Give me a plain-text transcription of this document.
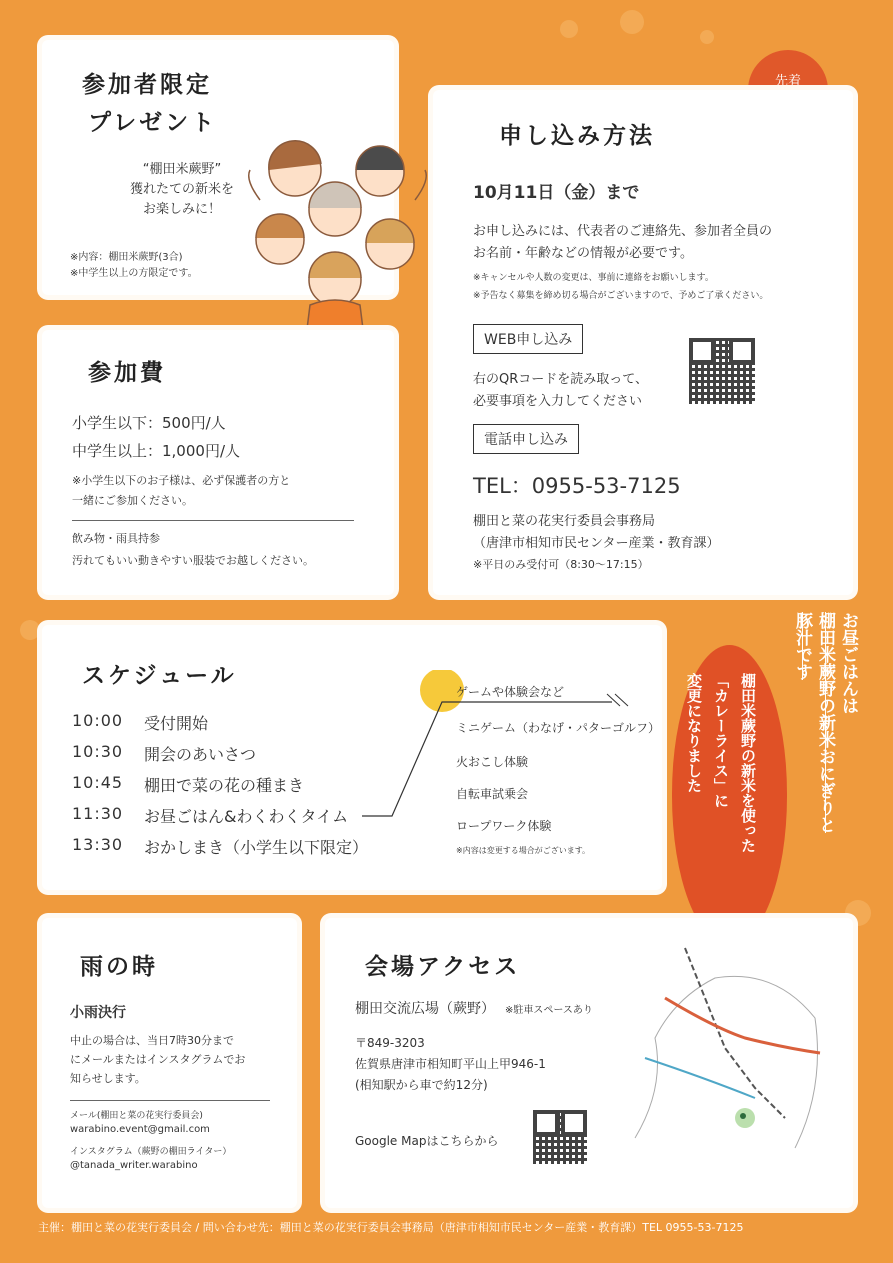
参加者限定
プレゼント
“棚田米蕨野”
獲れたての新米を
お楽しみに！
※内容：棚田米蕨野(3合)
※中学生以上の方限定です。
先着
申し込み方法
10月11日（金）まで
お申し込みには、代表者のご連絡先、参加者全員の
お名前・年齢などの情報が必要です。
※キャンセルや人数の変更は、事前に連絡をお願いします。
※予告なく募集を締め切る場合がございますので、予めご了承ください。
WEB申し込み
右のQRコードを読み取って、
必要事項を入力してください
電話申し込み
TEL：0955-53-7125
棚田と菜の花実行委員会事務局
（唐津市相知市民センター産業・教育課）
※平日のみ受付可（8:30〜17:15）
参加費
小学生以下：500円/人
中学生以上：1,000円/人
※小学生以下のお子様は、必ず保護者の方と
一緒にご参加ください。
飲み物・雨具持参
汚れてもいい動きやすい服装でお越しください。
スケジュール
10:00 受付開始
10:30 開会のあいさつ
10:45 棚田で菜の花の種まき
11:30 お昼ごはん&わくわくタイム
13:30 おかしまき（小学生以下限定）
ゲームや体験会など
ミニゲーム（わなげ・パターゴルフ）
火おこし体験
自転車試乗会
ロープワーク体験
※内容は変更する場合がございます。
お昼ごはんは
棚田米蕨野の新米おにぎりと
豚汁です
棚田米蕨野の新米を使った
「カレーライス」に
変更になりました
雨の時
小雨決行
中止の場合は、当日7時30分まで
にメールまたはインスタグラムでお
知らせします。
メール(棚田と菜の花実行委員会)
warabino.event@gmail.com
インスタグラム（蕨野の棚田ライター）
@tanada_writer.warabino
会場アクセス
棚田交流広場（蕨野） ※駐車スペースあり
〒849-3203
佐賀県唐津市相知町平山上甲946-1
(相知駅から車で約12分)
Google Mapはこちらから
主催：棚田と菜の花実行委員会 / 問い合わせ先：棚田と菜の花実行委員会事務局（唐津市相知市民センター産業・教育課）TEL 0955-53-7125
